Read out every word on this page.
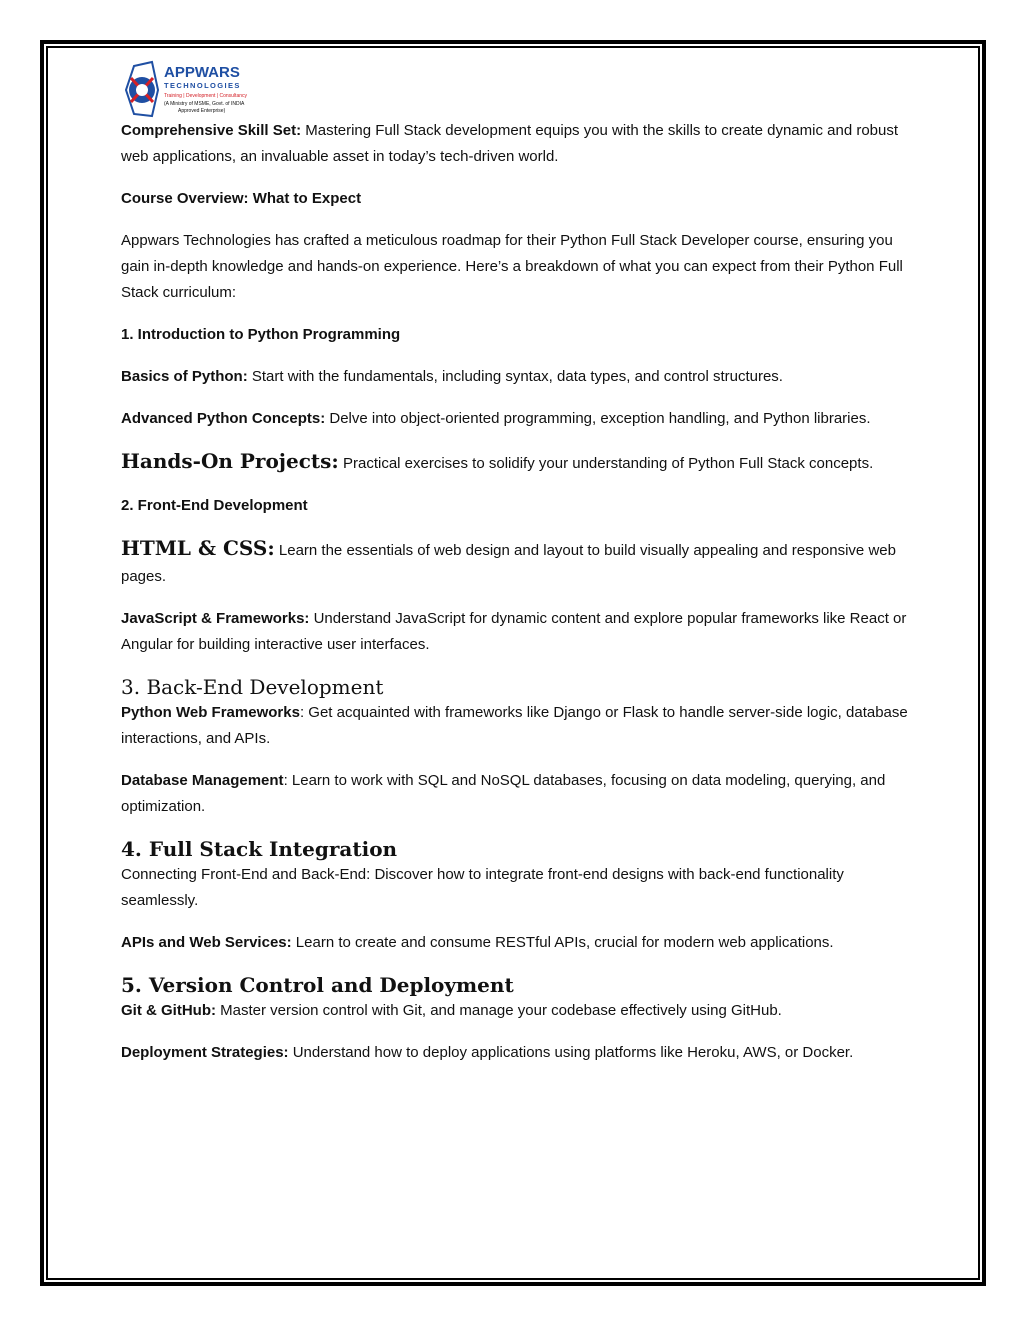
APPWARS
TECHNOLOGIES
Training | Development | Consultancy
(A Ministry of MSME, Govt. of INDIA
Approved Enterprise)

Comprehensive Skill Set: Mastering Full Stack development equips you with the skills to create dynamic and robust web applications, an invaluable asset in today’s tech-driven world.

Course Overview: What to Expect

Appwars Technologies has crafted a meticulous roadmap for their Python Full Stack Developer course, ensuring you gain in-depth knowledge and hands-on experience. Here’s a breakdown of what you can expect from their Python Full Stack curriculum:

1. Introduction to Python Programming

Basics of Python: Start with the fundamentals, including syntax, data types, and control structures.

Advanced Python Concepts: Delve into object-oriented programming, exception handling, and Python libraries.

Hands-On Projects: Practical exercises to solidify your understanding of Python Full Stack concepts.

2. Front-End Development

HTML & CSS: Learn the essentials of web design and layout to build visually appealing and responsive web pages.

JavaScript & Frameworks: Understand JavaScript for dynamic content and explore popular frameworks like React or Angular for building interactive user interfaces.

3. Back-End Development

Python Web Frameworks: Get acquainted with frameworks like Django or Flask to handle server-side logic, database interactions, and APIs.

Database Management: Learn to work with SQL and NoSQL databases, focusing on data modeling, querying, and optimization.

4. Full Stack Integration

Connecting Front-End and Back-End: Discover how to integrate front-end designs with back-end functionality seamlessly.

APIs and Web Services: Learn to create and consume RESTful APIs, crucial for modern web applications.

5. Version Control and Deployment

Git & GitHub: Master version control with Git, and manage your codebase effectively using GitHub.

Deployment Strategies: Understand how to deploy applications using platforms like Heroku, AWS, or Docker.
